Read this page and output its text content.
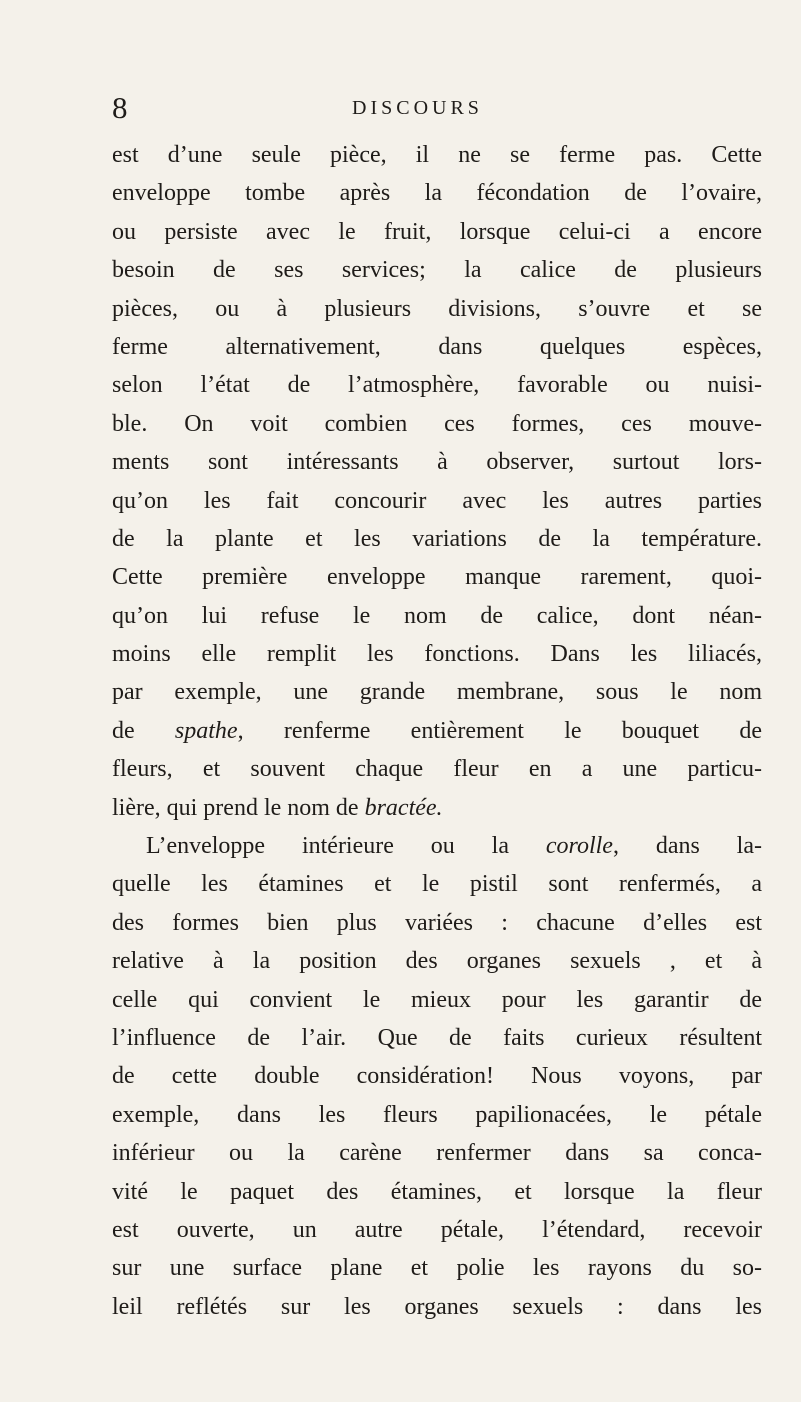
8	DISCOURS
est d’une seule pièce, il ne se ferme pas. Cette
enveloppe tombe après la fécondation de l’ovaire,
ou persiste avec le fruit, lorsque celui-ci a encore
besoin de ses services; la calice de plusieurs
pièces, ou à plusieurs divisions, s’ouvre et se
ferme alternativement, dans quelques espèces,
selon l’état de l’atmosphère, favorable ou nuisi-
ble. On voit combien ces formes, ces mouve-
ments sont intéressants à observer, surtout lors-
qu’on les fait concourir avec les autres parties
de la plante et les variations de la température.
Cette première enveloppe manque rarement, quoi-
qu’on lui refuse le nom de calice, dont néan-
moins elle remplit les fonctions. Dans les liliacés,
par exemple, une grande membrane, sous le nom
de spathe, renferme entièrement le bouquet de
fleurs, et souvent chaque fleur en a une particu-
lière, qui prend le nom de bractée.
L’enveloppe intérieure ou la corolle, dans la-
quelle les étamines et le pistil sont renfermés, a
des formes bien plus variées : chacune d’elles est
relative à la position des organes sexuels , et à
celle qui convient le mieux pour les garantir de
l’influence de l’air. Que de faits curieux résultent
de cette double considération! Nous voyons, par
exemple, dans les fleurs papilionacées, le pétale
inférieur ou la carène renfermer dans sa conca-
vité le paquet des étamines, et lorsque la fleur
est ouverte, un autre pétale, l’étendard, recevoir
sur une surface plane et polie les rayons du so-
leil reflétés sur les organes sexuels : dans les
